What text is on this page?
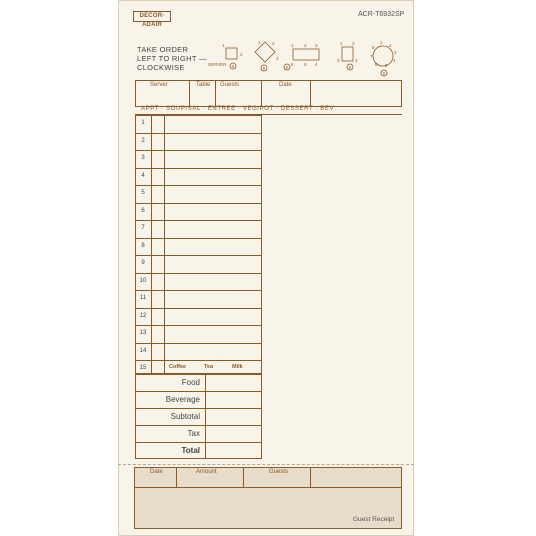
DECOR-ADAIR
ACR-T6932SP
TAKE ORDER
LEFT TO RIGHT —
CLOCKWISE	SERVER
1
2
S
1	2
3
S
1 2 3
4
5
6
S
1 2
3
4
S
1
2
3
4
5
6
7
8
S
Server	Table Guests	Date
APPT · SOUP/SAL · ENTREE · VEG/POT · DESSERT · BEV
1
2
3
4
5
6
7
8
9
10
11
12
13
14
15	Coffee	Tea	Milk
Food
Beverage
Subtotal
Tax
Total
Date	Amount	Guests
Guest Receipt
